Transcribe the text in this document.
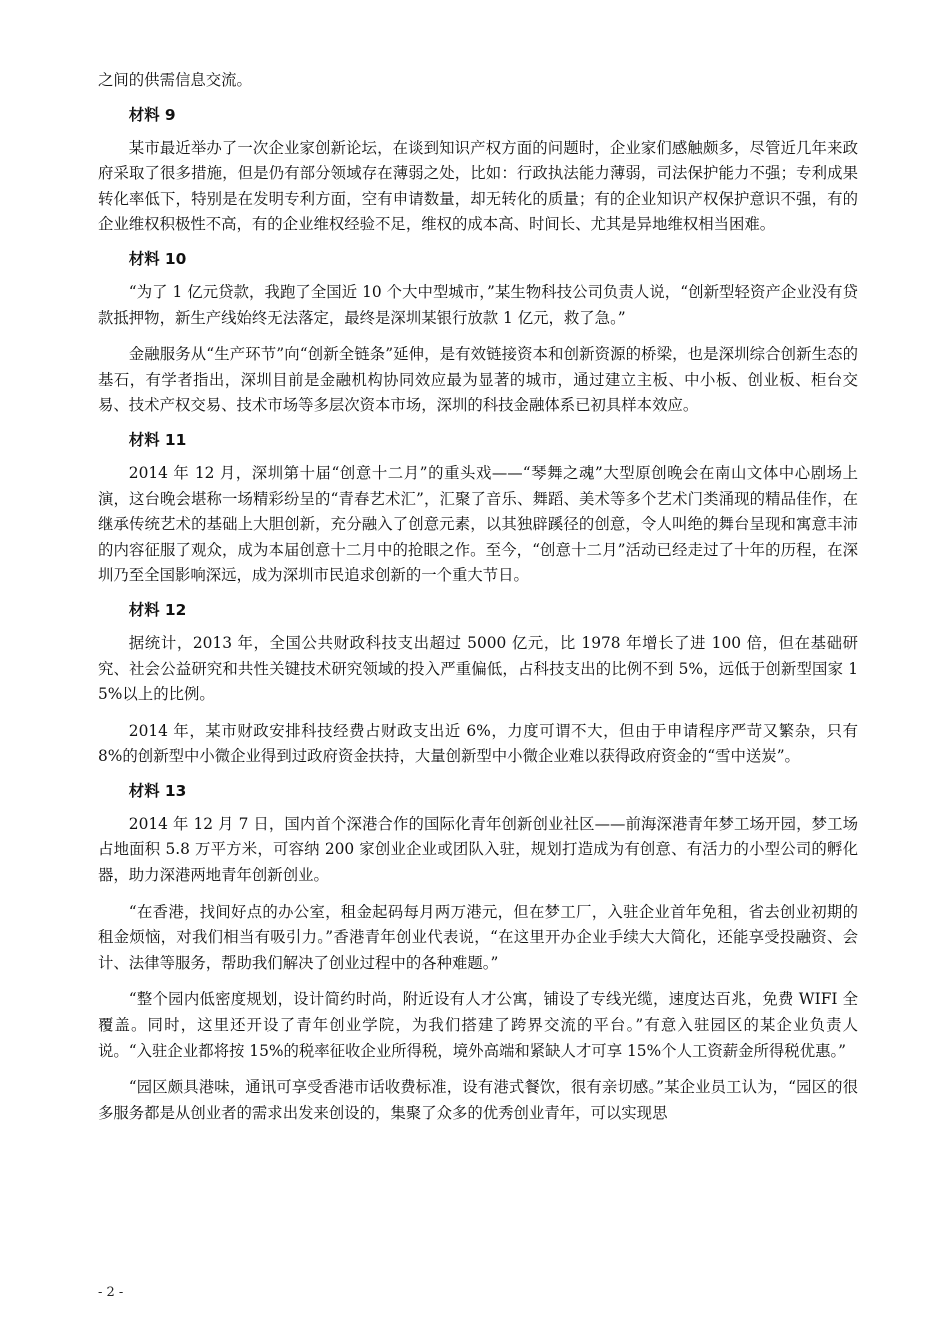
之间的供需信息交流。

材料 9

某市最近举办了一次企业家创新论坛，在谈到知识产权方面的问题时，企业家们感触颇多，尽管近几年来政府采取了很多措施，但是仍有部分领域存在薄弱之处，比如：行政执法能力薄弱，司法保护能力不强；专利成果转化率低下，特别是在发明专利方面，空有申请数量，却无转化的质量；有的企业知识产权保护意识不强，有的企业维权积极性不高，有的企业维权经验不足，维权的成本高、时间长、尤其是异地维权相当困难。

材料 10

“为了 1 亿元贷款，我跑了全国近 10 个大中型城市，”某生物科技公司负责人说，“创新型轻资产企业没有贷款抵押物，新生产线始终无法落定，最终是深圳某银行放款 1 亿元，救了急。”

金融服务从“生产环节”向“创新全链条”延伸，是有效链接资本和创新资源的桥梁，也是深圳综合创新生态的基石，有学者指出，深圳目前是金融机构协同效应最为显著的城市，通过建立主板、中小板、创业板、柜台交易、技术产权交易、技术市场等多层次资本市场，深圳的科技金融体系已初具样本效应。

材料 11

2014 年 12 月，深圳第十届“创意十二月”的重头戏——“琴舞之魂”大型原创晚会在南山文体中心剧场上演，这台晚会堪称一场精彩纷呈的“青春艺术汇”，汇聚了音乐、舞蹈、美术等多个艺术门类涌现的精品佳作，在继承传统艺术的基础上大胆创新，充分融入了创意元素，以其独辟蹊径的创意，令人叫绝的舞台呈现和寓意丰沛的内容征服了观众，成为本届创意十二月中的抢眼之作。至今，“创意十二月”活动已经走过了十年的历程，在深圳乃至全国影响深远，成为深圳市民追求创新的一个重大节日。

材料 12

据统计，2013 年，全国公共财政科技支出超过 5000 亿元，比 1978 年增长了进 100 倍，但在基础研究、社会公益研究和共性关键技术研究领域的投入严重偏低，占科技支出的比例不到 5%，远低于创新型国家 15%以上的比例。

2014 年，某市财政安排科技经费占财政支出近 6%，力度可谓不大，但由于申请程序严苛又繁杂，只有 8%的创新型中小微企业得到过政府资金扶持，大量创新型中小微企业难以获得政府资金的“雪中送炭”。

材料 13

2014 年 12 月 7 日，国内首个深港合作的国际化青年创新创业社区——前海深港青年梦工场开园，梦工场占地面积 5.8 万平方米，可容纳 200 家创业企业或团队入驻，规划打造成为有创意、有活力的小型公司的孵化器，助力深港两地青年创新创业。

“在香港，找间好点的办公室，租金起码每月两万港元，但在梦工厂，入驻企业首年免租，省去创业初期的租金烦恼，对我们相当有吸引力。”香港青年创业代表说，“在这里开办企业手续大大简化，还能享受投融资、会计、法律等服务，帮助我们解决了创业过程中的各种难题。”

“整个园内低密度规划，设计简约时尚，附近设有人才公寓，铺设了专线光缆，速度达百兆，免费 WIFI 全覆盖。同时，这里还开设了青年创业学院，为我们搭建了跨界交流的平台。”有意入驻园区的某企业负责人说。“入驻企业都将按 15%的税率征收企业所得税，境外高端和紧缺人才可享 15%个人工资薪金所得税优惠。”

“园区颇具港味，通讯可享受香港市话收费标准，设有港式餐饮，很有亲切感。”某企业员工认为，“园区的很多服务都是从创业者的需求出发来创设的，集聚了众多的优秀创业青年，可以实现思

- 2 -
